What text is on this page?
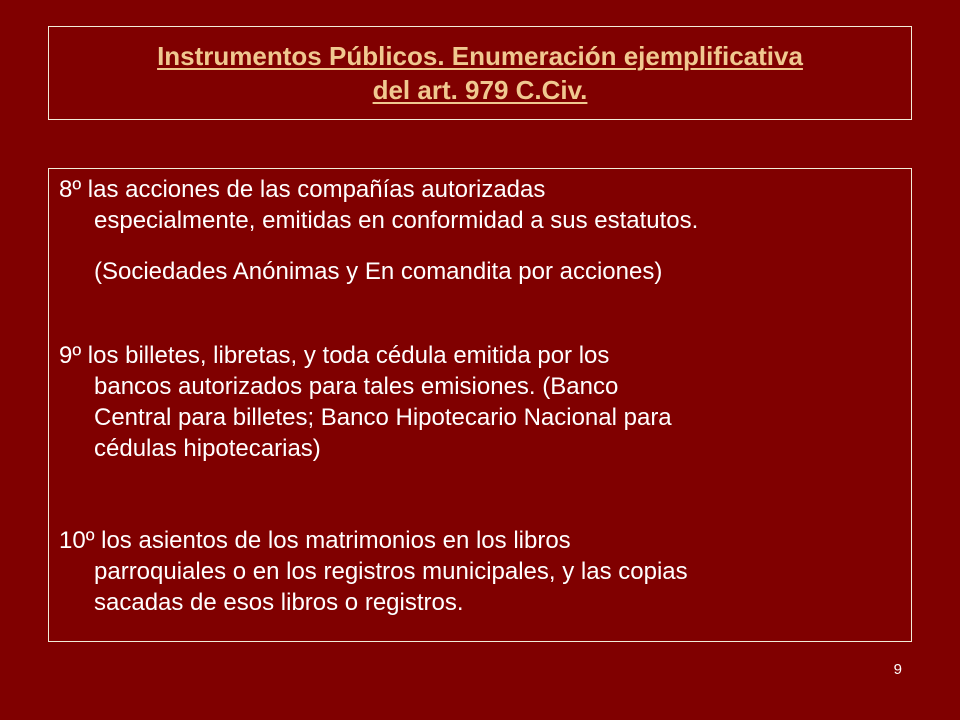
Instrumentos Públicos. Enumeración ejemplificativa
del art. 979 C.Civ.

8º las acciones de las compañías autorizadas
especialmente, emitidas en conformidad a sus estatutos.

(Sociedades Anónimas y En comandita por acciones)

9º los billetes, libretas, y toda cédula emitida por los
bancos autorizados para tales emisiones. (Banco
Central para billetes; Banco Hipotecario Nacional para
cédulas hipotecarias)

10º los asientos de los matrimonios en los libros
parroquiales o en los registros municipales, y las copias
sacadas de esos libros o registros.

9
